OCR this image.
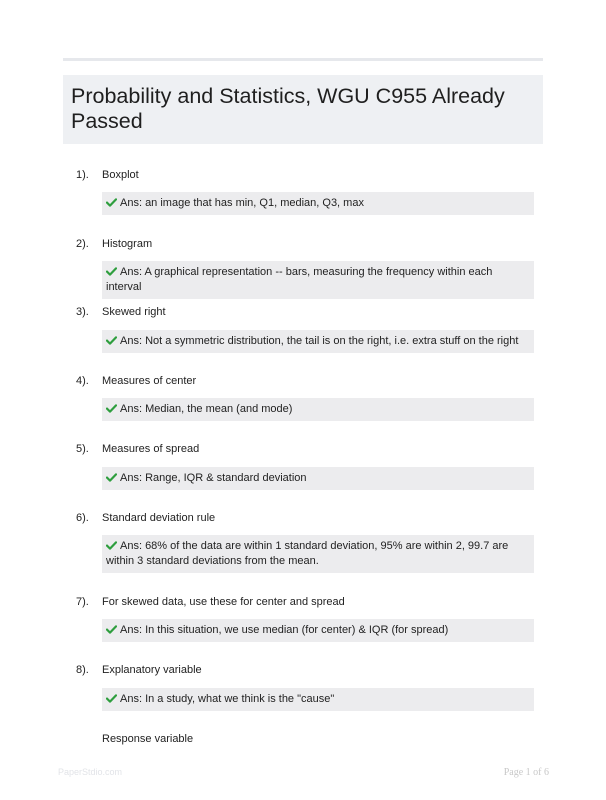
Probability and Statistics, WGU C955 Already Passed
1). Boxplot
Ans: an image that has min, Q1, median, Q3, max
2). Histogram
Ans: A graphical representation -- bars, measuring the frequency within each interval
3). Skewed right
Ans: Not a symmetric distribution, the tail is on the right, i.e. extra stuff on the right
4). Measures of center
Ans: Median, the mean (and mode)
5). Measures of spread
Ans: Range, IQR & standard deviation
6). Standard deviation rule
Ans: 68% of the data are within 1 standard deviation, 95% are within 2, 99.7 are within 3 standard deviations from the mean.
7). For skewed data, use these for center and spread
Ans: In this situation, we use median (for center) & IQR (for spread)
8). Explanatory variable
Ans: In a study, what we think is the "cause"
Response variable
PaperStdio.com	Page 1 of 6
